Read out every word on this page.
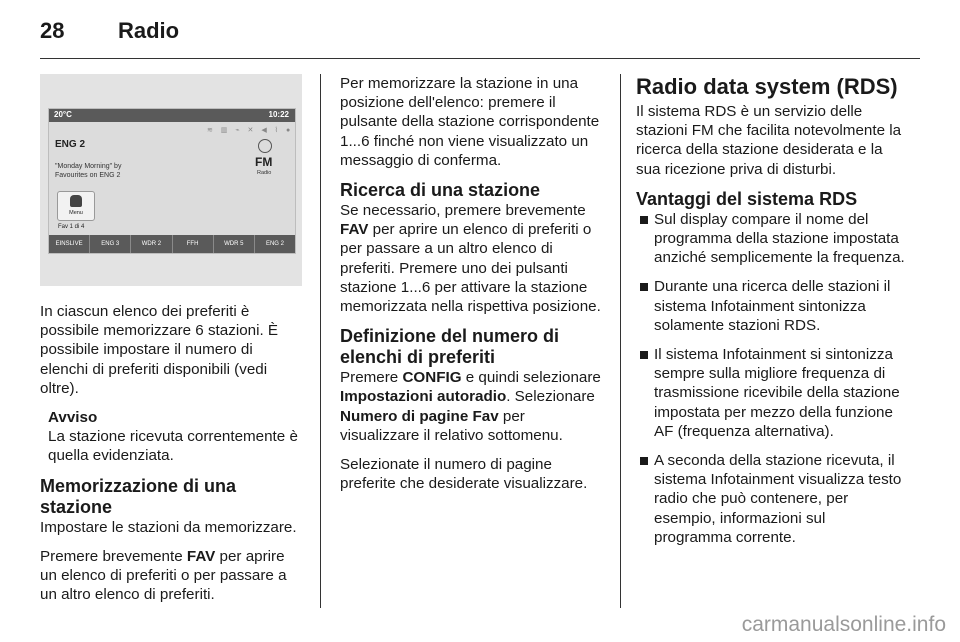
28 Radio
20°C	10:22
≋ ▥ ⌁ ✕ ◀ ⌇ ●
ENG 2
"Monday Morning" by
Favourites on ENG 2
FM
Radio
Menu
Fav 1 di 4
EINSLIVE	ENG 3	WDR 2	FFH	WDR 5	ENG 2

In ciascun elenco dei preferiti è possibile memorizzare 6 stazioni. È possibile impostare il numero di elenchi di preferiti disponibili (vedi oltre).

Avviso
La stazione ricevuta correntemente è quella evidenziata.
Memorizzazione di una stazione

Impostare le stazioni da memorizzare.

Premere brevemente FAV per aprire un elenco di preferiti o per passare a un altro elenco di preferiti.

Per memorizzare la stazione in una posizione dell'elenco: premere il pulsante della stazione corrispondente 1...6 finché non viene visualizzato un messaggio di conferma.

Ricerca di una stazione

Se necessario, premere brevemente FAV per aprire un elenco di preferiti o per passare a un altro elenco di preferiti. Premere uno dei pulsanti stazione 1...6 per attivare la stazione memorizzata nella rispettiva posizione.

Definizione del numero di elenchi di preferiti

Premere CONFIG e quindi selezionare Impostazioni autoradio. Selezionare Numero di pagine Fav per visualizzare il relativo sottomenu.

Selezionate il numero di pagine preferite che desiderate visualizzare.

Radio data system (RDS)

Il sistema RDS è un servizio delle stazioni FM che facilita notevolmente la ricerca della stazione desiderata e la sua ricezione priva di disturbi.

Vantaggi del sistema RDS
Sul display compare il nome del programma della stazione impostata anziché semplicemente la frequenza.
Durante una ricerca delle stazioni il sistema Infotainment sintonizza solamente stazioni RDS.
Il sistema Infotainment si sintonizza sempre sulla migliore frequenza di trasmissione ricevibile della stazione impostata per mezzo della funzione AF (frequenza alternativa).
A seconda della stazione ricevuta, il sistema Infotainment visualizza testo radio che può contenere, per esempio, informazioni sul programma corrente.
carmanualsonline.info
